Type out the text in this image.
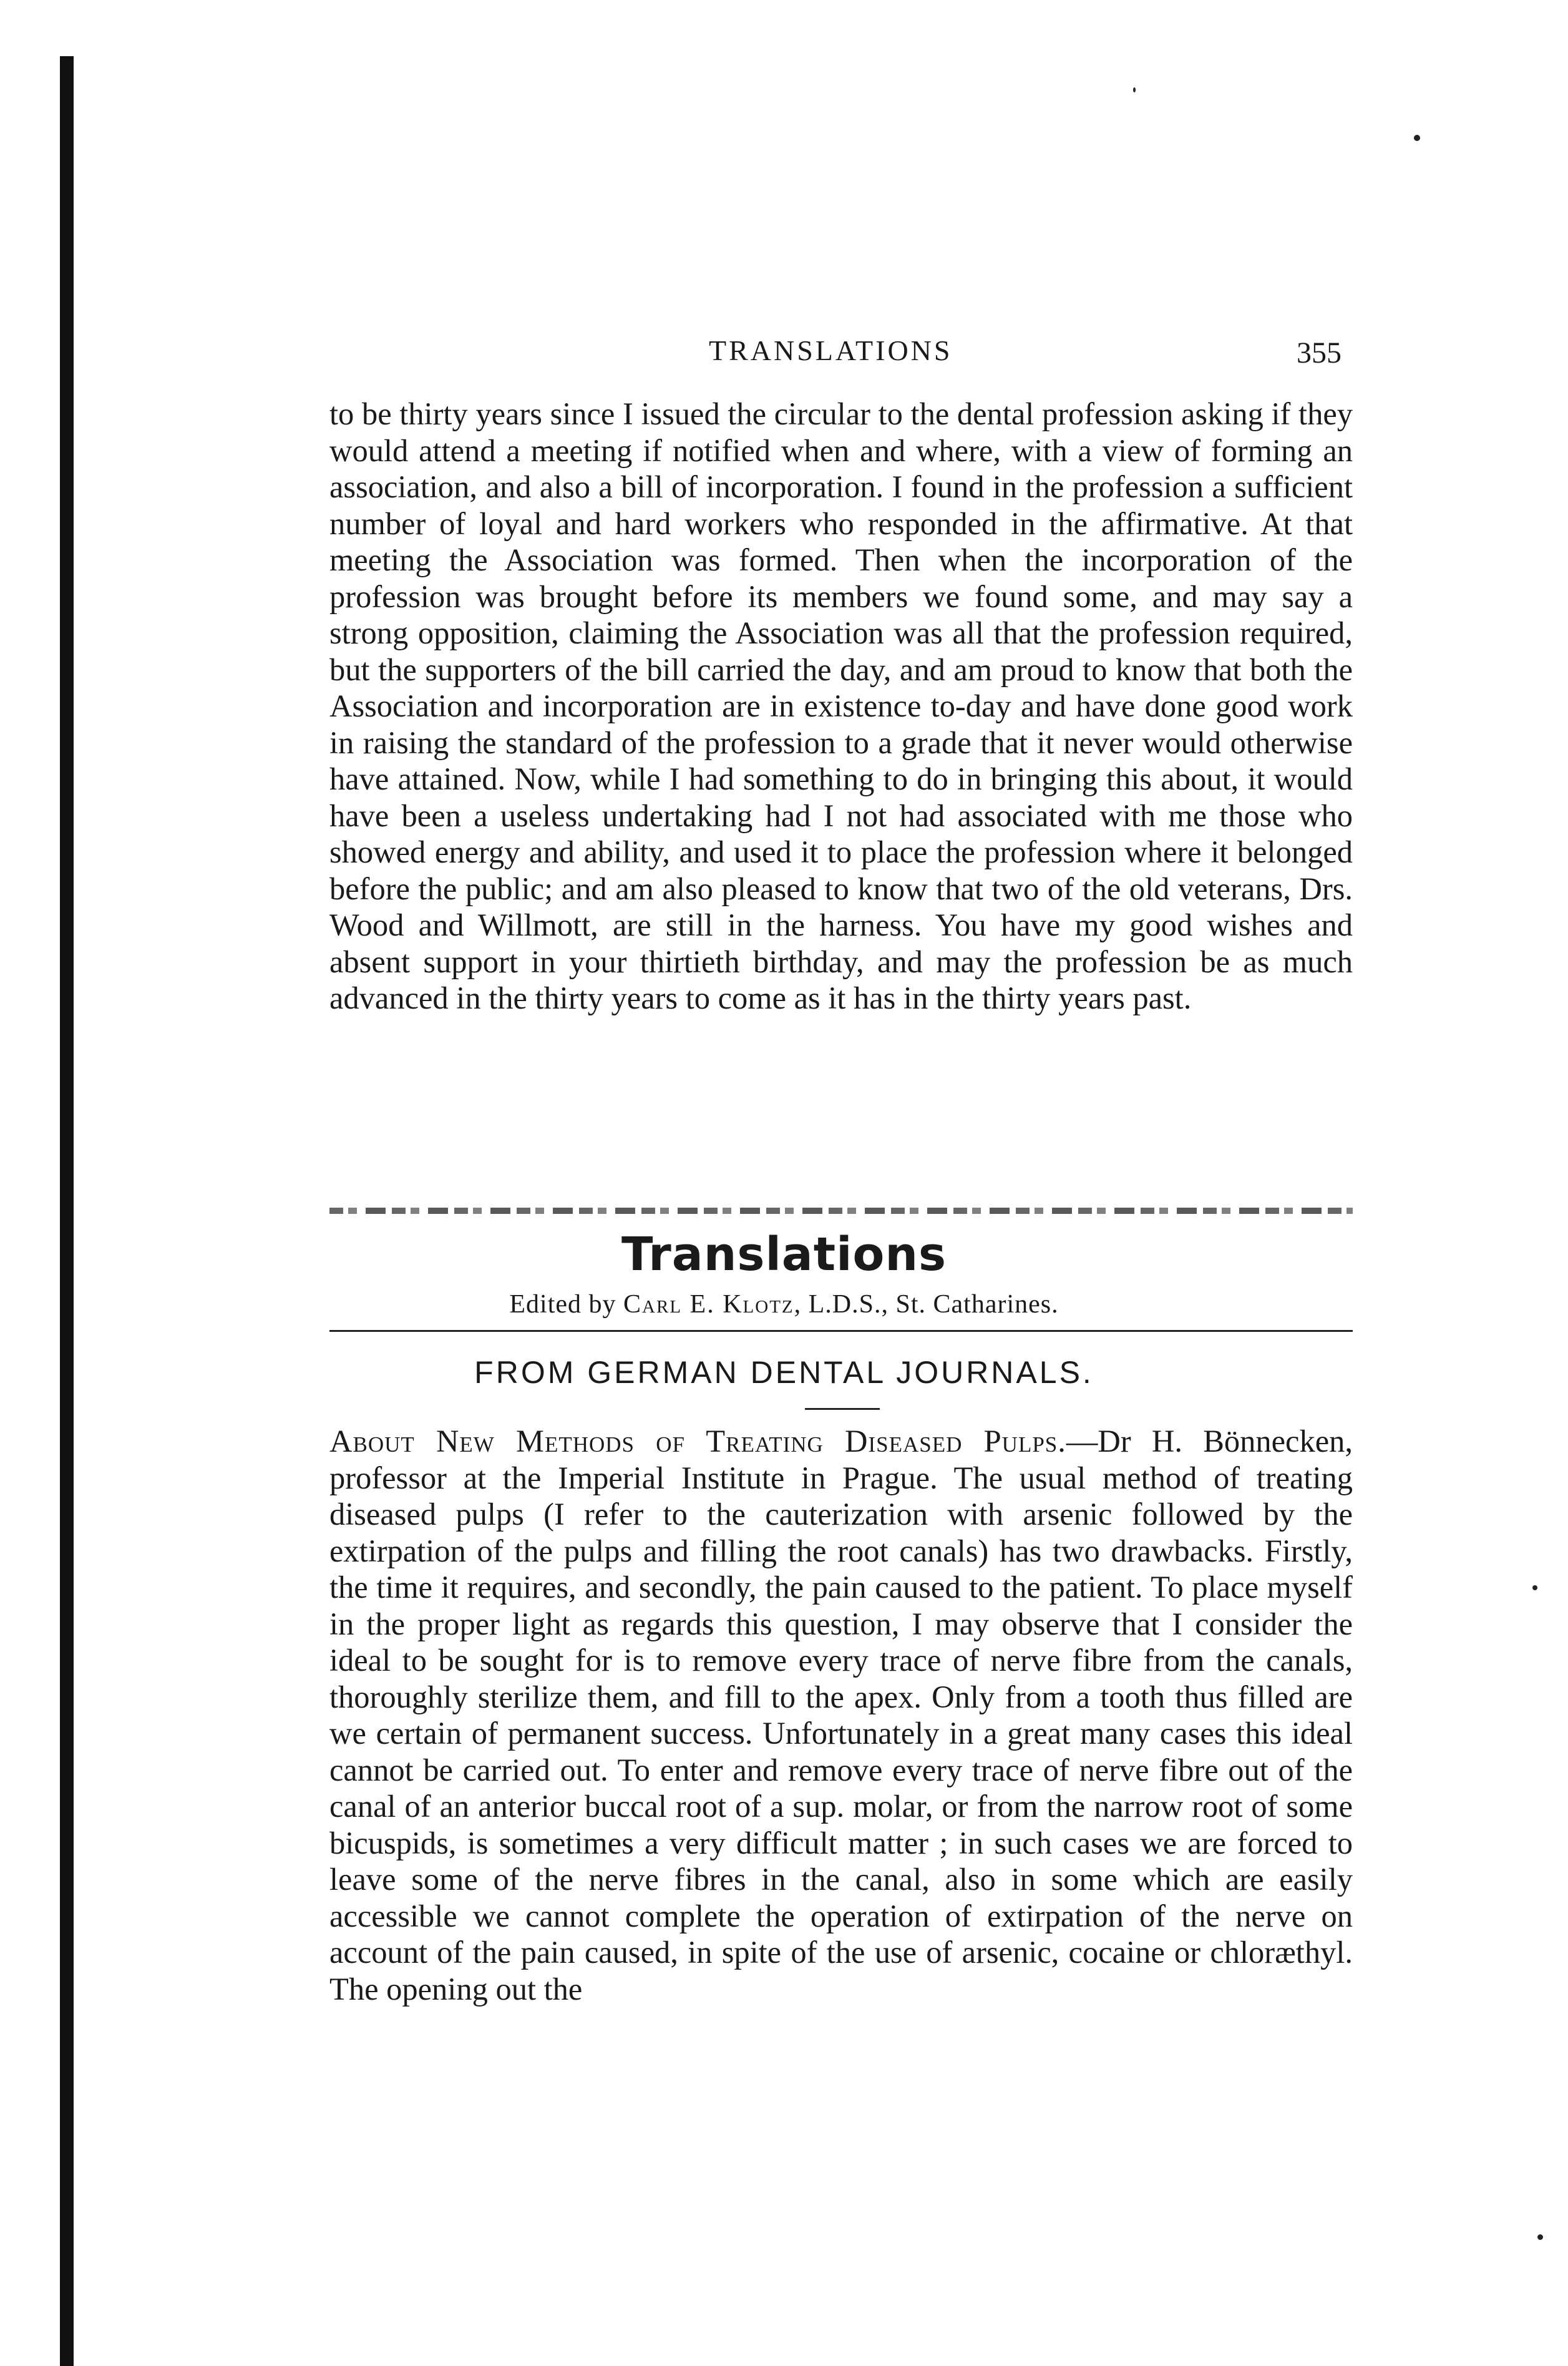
TRANSLATIONS	355

to be thirty years since I issued the circular to the dental profession asking if they would attend a meeting if notified when and where, with a view of forming an association, and also a bill of incorporation. I found in the profession a sufficient number of loyal and hard workers who responded in the affirmative. At that meeting the Association was formed. Then when the incorporation of the profession was brought before its members we found some, and may say a strong opposition, claiming the Association was all that the profession required, but the supporters of the bill carried the day, and am proud to know that both the Association and incorporation are in existence to-day and have done good work in raising the standard of the profession to a grade that it never would otherwise have attained. Now, while I had something to do in bringing this about, it would have been a useless undertaking had I not had associated with me those who showed energy and ability, and used it to place the profession where it belonged before the public; and am also pleased to know that two of the old veterans, Drs. Wood and Willmott, are still in the harness. You have my good wishes and absent support in your thirtieth birthday, and may the profession be as much advanced in the thirty years to come as it has in the thirty years past.

Translations
Edited by Carl E. Klotz, L.D.S., St. Catharines.
FROM GERMAN DENTAL JOURNALS.

About New Methods of Treating Diseased Pulps.—Dr H. Bönnecken, professor at the Imperial Institute in Prague. The usual method of treating diseased pulps (I refer to the cauterization with arsenic followed by the extirpation of the pulps and filling the root canals) has two drawbacks. Firstly, the time it requires, and secondly, the pain caused to the patient. To place myself in the proper light as regards this question, I may observe that I consider the ideal to be sought for is to remove every trace of nerve fibre from the canals, thoroughly sterilize them, and fill to the apex. Only from a tooth thus filled are we certain of permanent success. Unfortunately in a great many cases this ideal cannot be carried out. To enter and remove every trace of nerve fibre out of the canal of an anterior buccal root of a sup. molar, or from the narrow root of some bicuspids, is sometimes a very difficult matter ; in such cases we are forced to leave some of the nerve fibres in the canal, also in some which are easily accessible we cannot complete the operation of extirpation of the nerve on account of the pain caused, in spite of the use of arsenic, cocaine or chloræthyl. The opening out the
